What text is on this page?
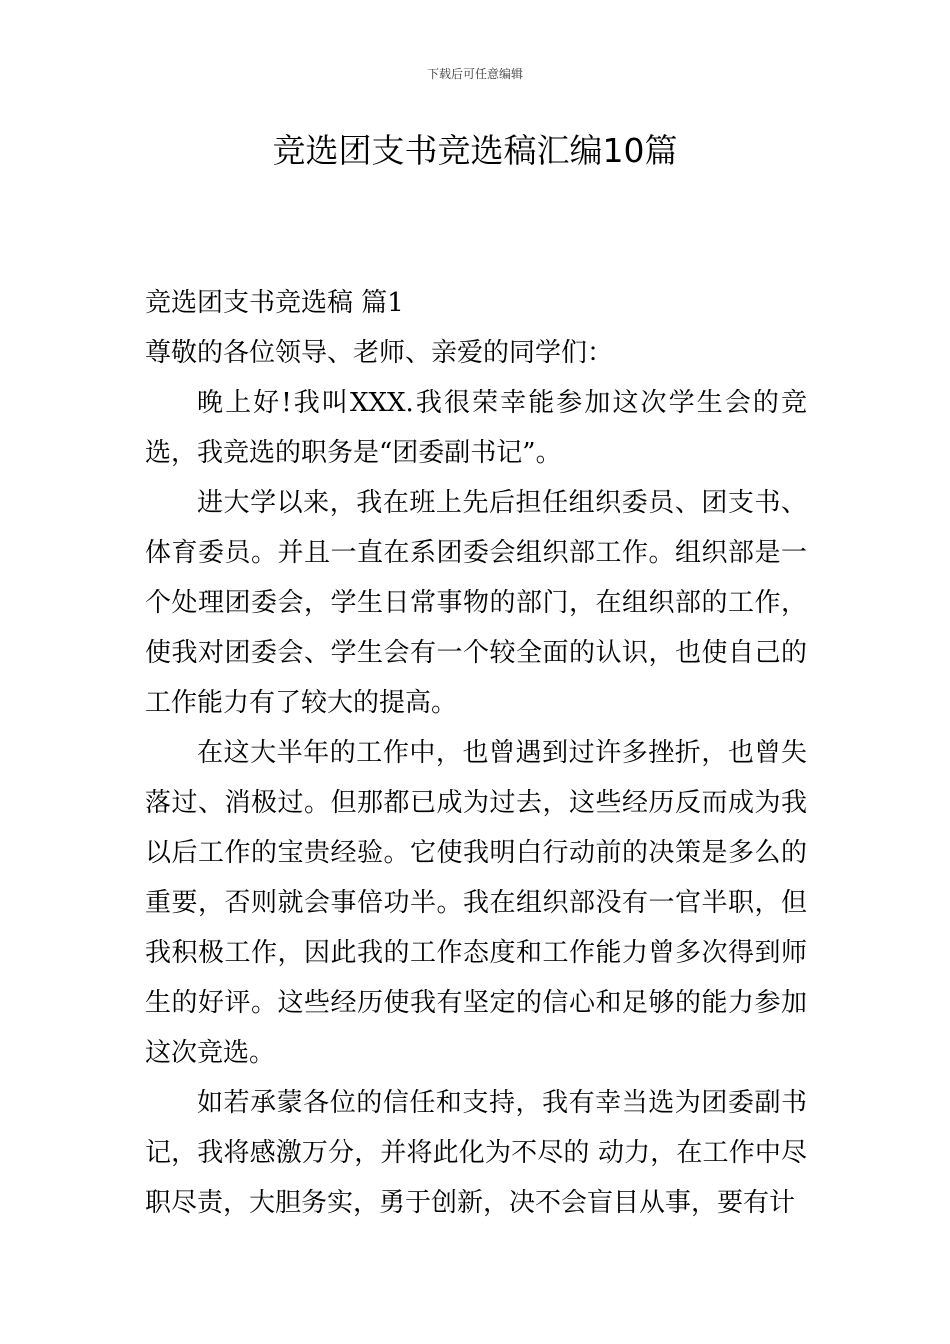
下载后可任意编辑
竞选团支书竞选稿汇编10篇

竞选团支书竞选稿 篇1

尊敬的各位领导、老师、亲爱的同学们：

晚上好!我叫XXX.我很荣幸能参加这次学生会的竞选，我竞选的职务是“团委副书记”。

进大学以来，我在班上先后担任组织委员、团支书、体育委员。并且一直在系团委会组织部工作。组织部是一个处理团委会，学生日常事物的部门，在组织部的工作，使我对团委会、学生会有一个较全面的认识，也使自己的工作能力有了较大的提高。

在这大半年的工作中，也曾遇到过许多挫折，也曾失落过、消极过。但那都已成为过去，这些经历反而成为我以后工作的宝贵经验。它使我明白行动前的决策是多么的重要，否则就会事倍功半。我在组织部没有一官半职，但我积极工作，因此我的工作态度和工作能力曾多次得到师生的好评。这些经历使我有坚定的信心和足够的能力参加这次竞选。

如若承蒙各位的信任和支持，我有幸当选为团委副书记，我将感激万分，并将此化为不尽的 动力，在工作中尽职尽责，大胆务实，勇于创新，决不会盲目从事，要有计
